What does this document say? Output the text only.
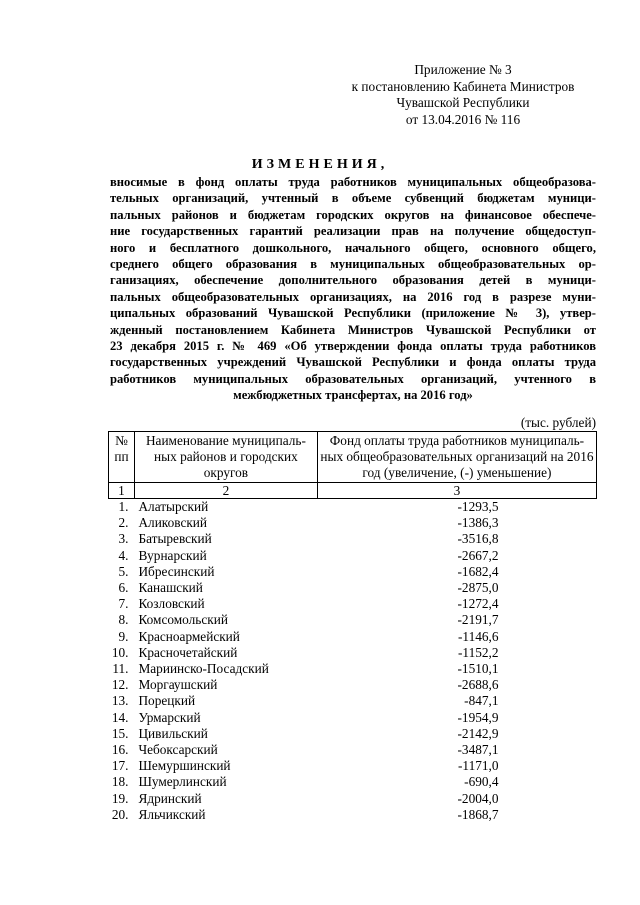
Приложение № 3
к постановлению Кабинета Министров
Чувашской Республики
от 13.04.2016 № 116
ИЗМЕНЕНИЯ,
вносимые в фонд оплаты труда работников муниципальных общеобразова-
тельных организаций, учтенный в объеме субвенций бюджетам муници-
пальных районов и бюджетам городских округов на финансовое обеспече-
ние государственных гарантий реализации прав на получение общедоступ-
ного и бесплатного дошкольного, начального общего, основного общего,
среднего общего образования в муниципальных общеобразовательных ор-
ганизациях, обеспечение дополнительного образования детей в муници-
пальных общеобразовательных организациях, на 2016 год в разрезе муни-
ципальных образований Чувашской Республики (приложение № 3), утвер-
жденный постановлением Кабинета Министров Чувашской Республики от
23 декабря 2015 г. № 469 «Об утверждении фонда оплаты труда работников
государственных учреждений Чувашской Республики и фонда оплаты труда
работников муниципальных образовательных организаций, учтенного в
межбюджетных трансфертах, на 2016 год»
(тыс. рублей)
№ пп	Наименование муниципаль-ных районов и городских округов	Фонд оплаты труда работников муниципаль-ных общеобразовательных организаций на 2016 год (увеличение, (-) уменьшение)
1	2	3
1.	Алатырский	-1293,5
2.	Аликовский	-1386,3
3.	Батыревский	-3516,8
4.	Вурнарский	-2667,2
5.	Ибресинский	-1682,4
6.	Канашский	-2875,0
7.	Козловский	-1272,4
8.	Комсомольский	-2191,7
9.	Красноармейский	-1146,6
10.	Красночетайский	-1152,2
11.	Мариинско-Посадский	-1510,1
12.	Моргаушский	-2688,6
13.	Порецкий	-847,1
14.	Урмарский	-1954,9
15.	Цивильский	-2142,9
16.	Чебоксарский	-3487,1
17.	Шемуршинский	-1171,0
18.	Шумерлинский	-690,4
19.	Ядринский	-2004,0
20.	Яльчикский	-1868,7
